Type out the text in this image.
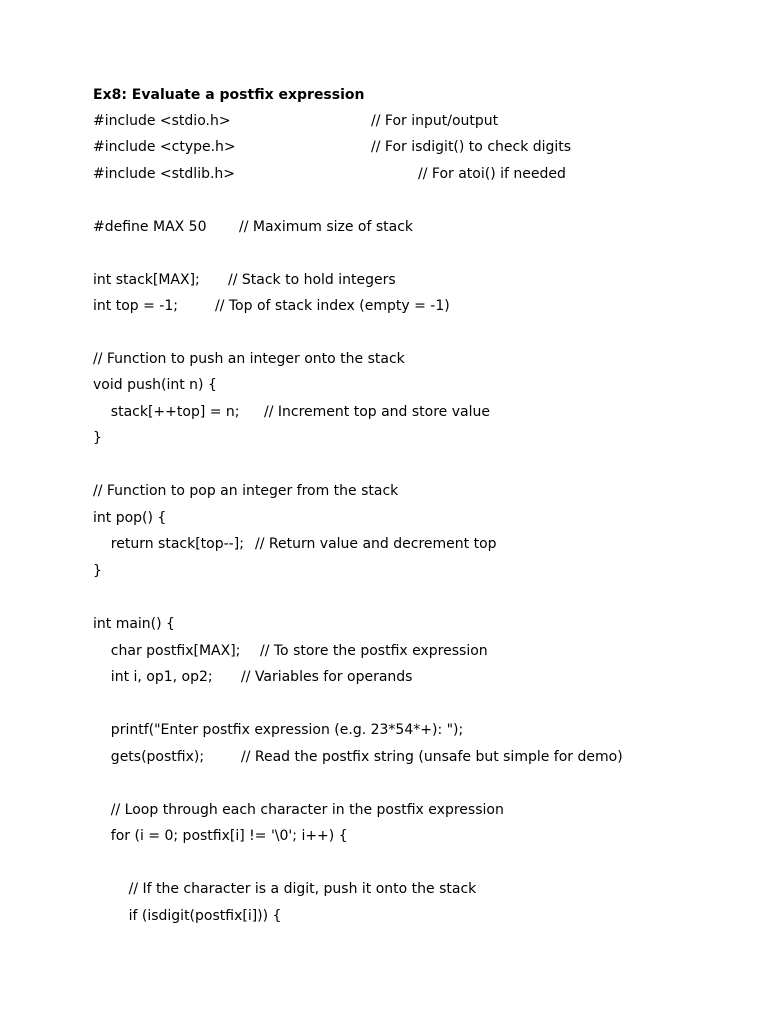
Ex8: Evaluate a postfix expression
#include <stdio.h>	// For input/output
#include <ctype.h>	// For isdigit() to check digits
#include <stdlib.h>	// For atoi() if needed
#define MAX 50 // Maximum size of stack
int stack[MAX]; // Stack to hold integers
int top = -1;	// Top of stack index (empty = -1)
// Function to push an integer onto the stack
void push(int n) {
stack[++top] = n; // Increment top and store value
}
// Function to pop an integer from the stack
int pop() {
return stack[top--]; // Return value and decrement top
}
int main() {
char postfix[MAX]; // To store the postfix expression
int i, op1, op2; // Variables for operands
printf("Enter postfix expression (e.g. 23*54*+): ");
gets(postfix);	// Read the postfix string (unsafe but simple for demo)
// Loop through each character in the postfix expression
for (i = 0; postfix[i] != '\0'; i++) {
// If the character is a digit, push it onto the stack
if (isdigit(postfix[i])) {
